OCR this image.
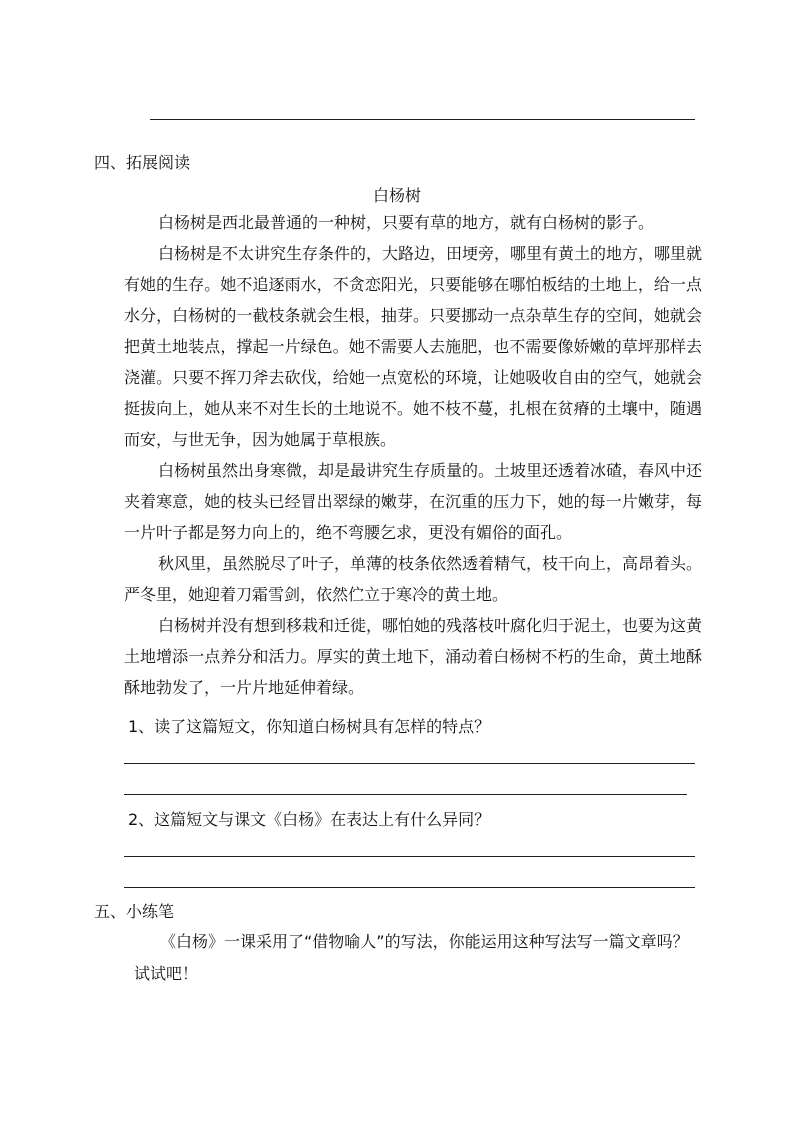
四、拓展阅读
白杨树

白杨树是西北最普通的一种树，只要有草的地方，就有白杨树的影子。

白杨树是不太讲究生存条件的，大路边，田埂旁，哪里有黄土的地方，哪里就有她的生存。她不追逐雨水，不贪恋阳光，只要能够在哪怕板结的土地上，给一点水分，白杨树的一截枝条就会生根，抽芽。只要挪动一点杂草生存的空间，她就会把黄土地装点，撑起一片绿色。她不需要人去施肥，也不需要像娇嫩的草坪那样去浇灌。只要不挥刀斧去砍伐，给她一点宽松的环境，让她吸收自由的空气，她就会挺拔向上，她从来不对生长的土地说不。她不枝不蔓，扎根在贫瘠的土壤中，随遇而安，与世无争，因为她属于草根族。

白杨树虽然出身寒微，却是最讲究生存质量的。土坡里还透着冰碴，春风中还夹着寒意，她的枝头已经冒出翠绿的嫩芽，在沉重的压力下，她的每一片嫩芽，每一片叶子都是努力向上的，绝不弯腰乞求，更没有媚俗的面孔。

秋风里，虽然脱尽了叶子，单薄的枝条依然透着精气，枝干向上，高昂着头。严冬里，她迎着刀霜雪剑，依然伫立于寒冷的黄土地。

白杨树并没有想到移栽和迁徙，哪怕她的残落枝叶腐化归于泥土，也要为这黄土地增添一点养分和活力。厚实的黄土地下，涌动着白杨树不朽的生命，黄土地酥酥地勃发了，一片片地延伸着绿。

1、读了这篇短文，你知道白杨树具有怎样的特点？
2、这篇短文与课文《白杨》在表达上有什么异同？
五、小练笔
《白杨》一课采用了“借物喻人”的写法，你能运用这种写法写一篇文章吗？试试吧！
